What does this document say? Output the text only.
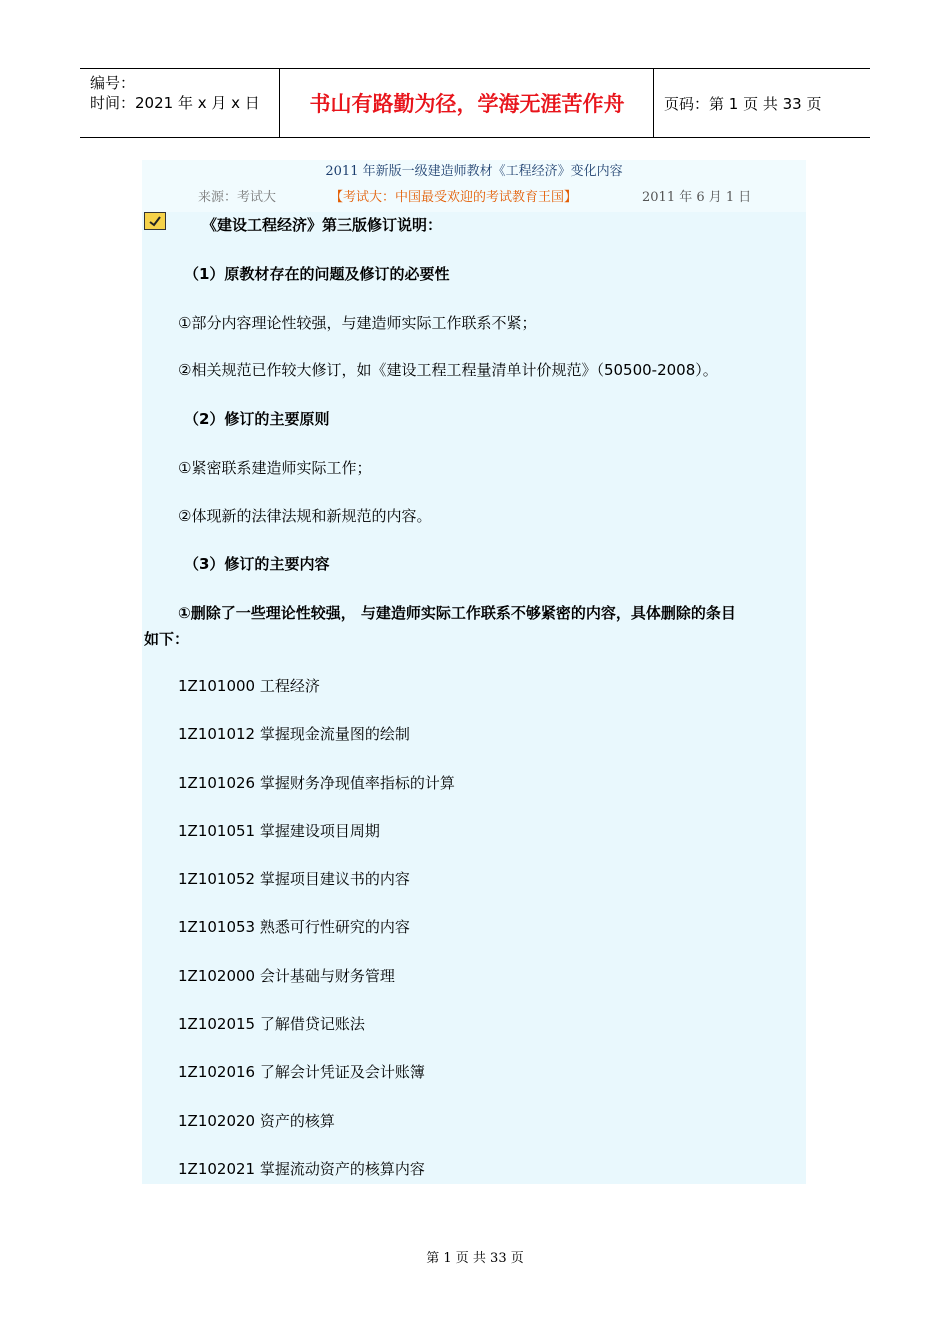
编号：
时间：2021 年 x 月 x 日	书山有路勤为径，学海无涯苦作舟	页码：第 1 页 共 33 页
2011 年新版一级建造师教材《工程经济》变化内容
来源：考试大	【考试大：中国最受欢迎的考试教育王国】	2011 年 6 月 1 日
《建设工程经济》第三版修订说明：
（1）原教材存在的问题及修订的必要性
①部分内容理论性较强，与建造师实际工作联系不紧；
②相关规范已作较大修订，如《建设工程工程量清单计价规范》（50500-2008）。
（2）修订的主要原则
①紧密联系建造师实际工作；
②体现新的法律法规和新规范的内容。
（3）修订的主要内容
①删除了一些理论性较强， 与建造师实际工作联系不够紧密的内容，具体删除的条目
如下：
1Z101000 工程经济
1Z101012 掌握现金流量图的绘制
1Z101026 掌握财务净现值率指标的计算
1Z101051 掌握建设项目周期
1Z101052 掌握项目建议书的内容
1Z101053 熟悉可行性研究的内容
1Z102000 会计基础与财务管理
1Z102015 了解借贷记账法
1Z102016 了解会计凭证及会计账簿
1Z102020 资产的核算
1Z102021 掌握流动资产的核算内容
第 1 页 共 33 页
